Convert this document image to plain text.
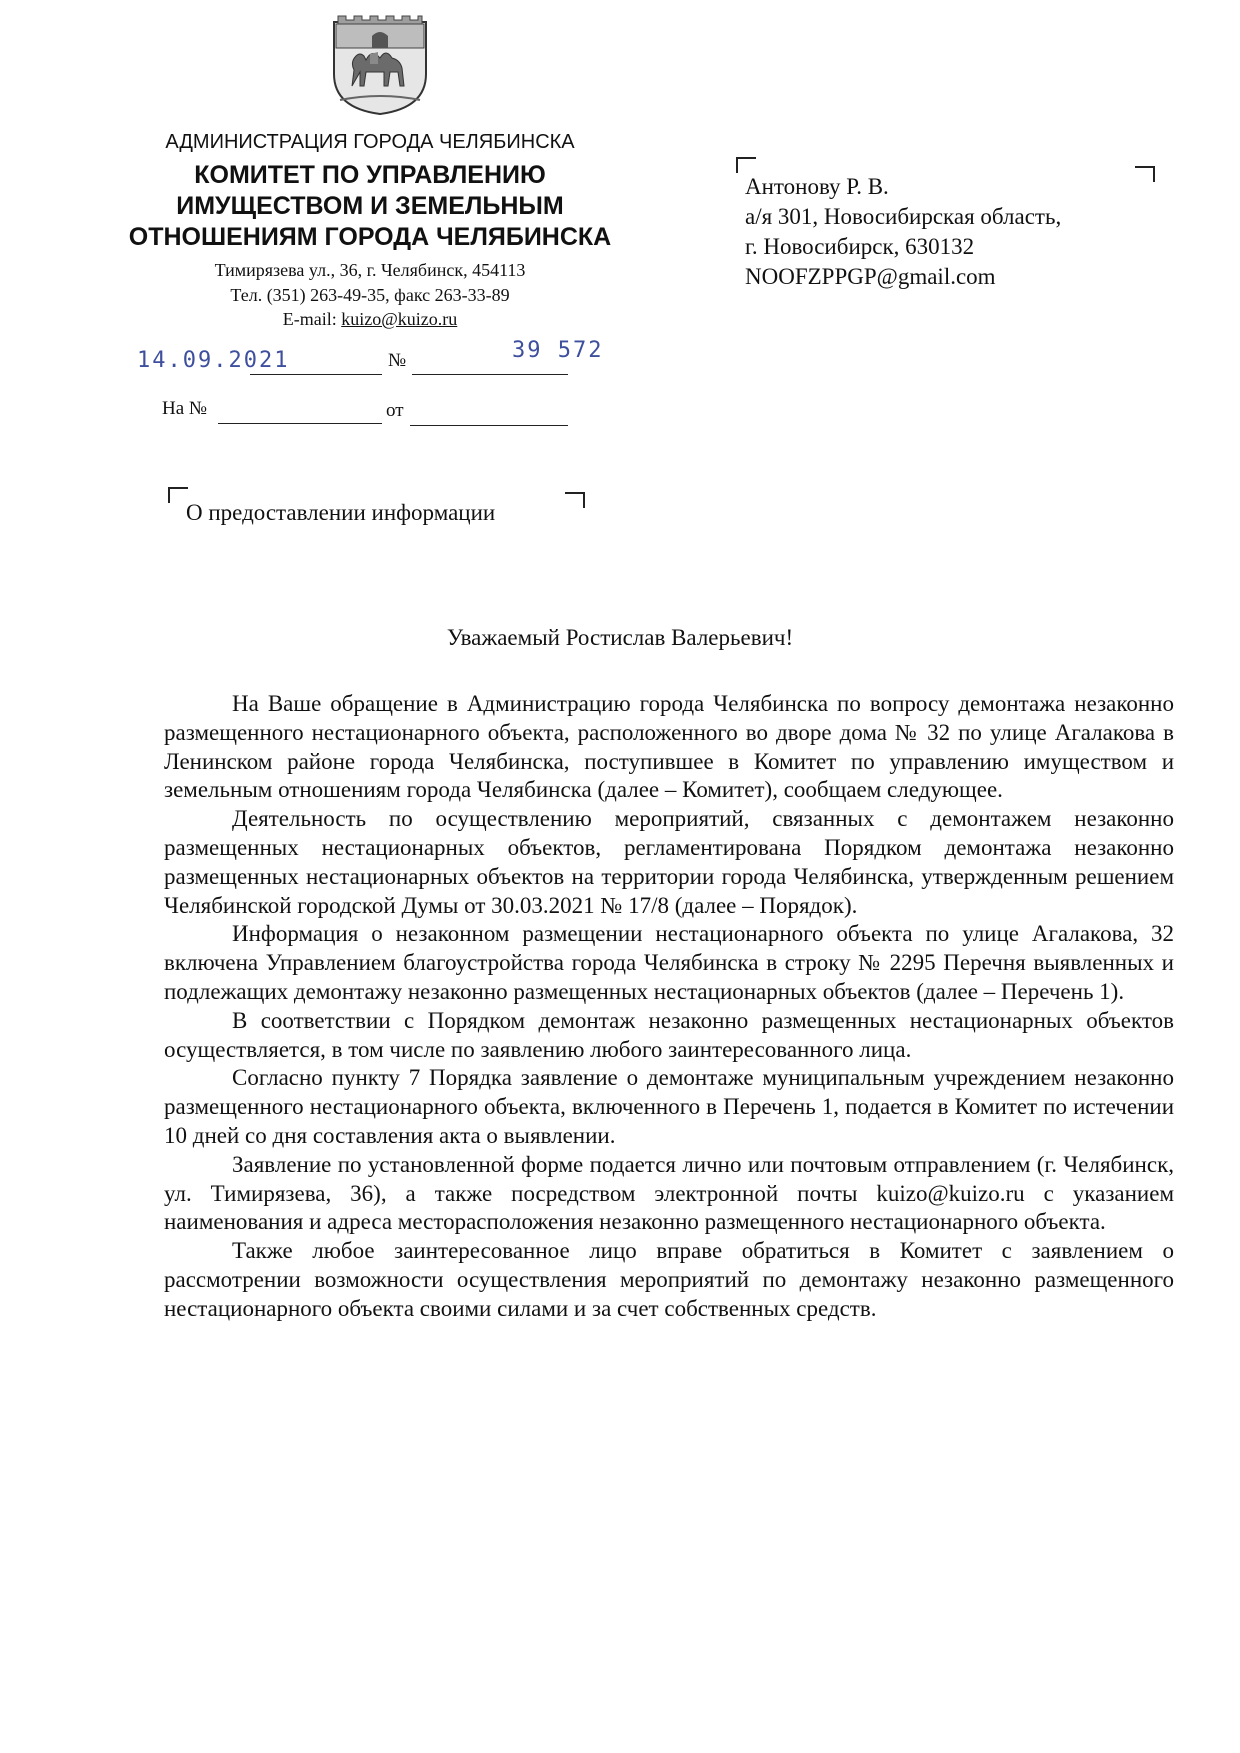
АДМИНИСТРАЦИЯ ГОРОДА ЧЕЛЯБИНСКА
КОМИТЕТ ПО УПРАВЛЕНИЮ
ИМУЩЕСТВОМ И ЗЕМЕЛЬНЫМ
ОТНОШЕНИЯМ ГОРОДА ЧЕЛЯБИНСКА
Тимирязева ул., 36, г. Челябинск, 454113
Тел. (351) 263-49-35, факс 263-33-89
E-mail: kuizo@kuizo.ru
14.09.2021	№	39 572
На №	от
Антонову Р. В.
а/я 301, Новосибирская область,
г. Новосибирск, 630132
NOOFZPPGP@gmail.com
О предоставлении информации
Уважаемый Ростислав Валерьевич!

На Ваше обращение в Администрацию города Челябинска по вопросу демонтажа незаконно размещенного нестационарного объекта, расположенного во дворе дома № 32 по улице Агалакова в Ленинском районе города Челябинска, поступившее в Комитет по управлению имуществом и земельным отношениям города Челябинска (далее – Комитет), сообщаем следующее.

Деятельность по осуществлению мероприятий, связанных с демонтажем незаконно размещенных нестационарных объектов, регламентирована Порядком демонтажа незаконно размещенных нестационарных объектов на территории города Челябинска, утвержденным решением Челябинской городской Думы от 30.03.2021 № 17/8 (далее – Порядок).

Информация о незаконном размещении нестационарного объекта по улице Агалакова, 32 включена Управлением благоустройства города Челябинска в строку № 2295 Перечня выявленных и подлежащих демонтажу незаконно размещенных нестационарных объектов (далее – Перечень 1).

В соответствии с Порядком демонтаж незаконно размещенных нестационарных объектов осуществляется, в том числе по заявлению любого заинтересованного лица.

Согласно пункту 7 Порядка заявление о демонтаже муниципальным учреждением незаконно размещенного нестационарного объекта, включенного в Перечень 1, подается в Комитет по истечении 10 дней со дня составления акта о выявлении.

Заявление по установленной форме подается лично или почтовым отправлением (г. Челябинск, ул. Тимирязева, 36), а также посредством электронной почты kuizo@kuizo.ru с указанием наименования и адреса месторасположения незаконно размещенного нестационарного объекта.

Также любое заинтересованное лицо вправе обратиться в Комитет с заявлением о рассмотрении возможности осуществления мероприятий по демонтажу незаконно размещенного нестационарного объекта своими силами и за счет собственных средств.
